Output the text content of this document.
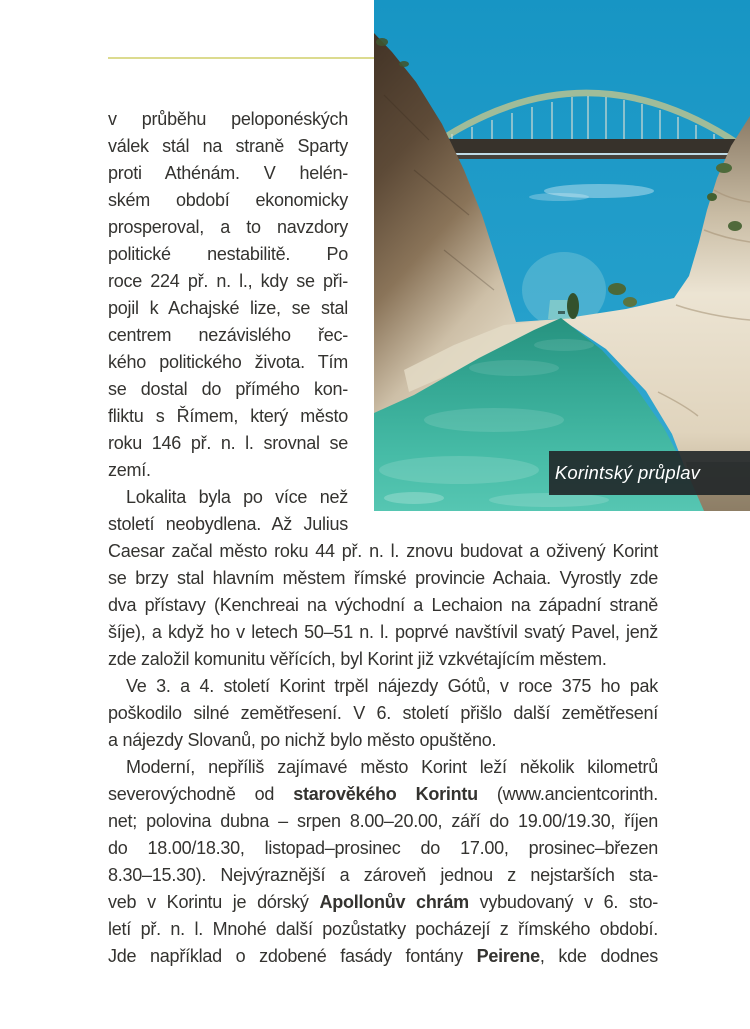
Korintský průplav
v průběhu peloponéských
válek stál na straně Sparty
proti Athénám. V helén-
ském období ekonomicky
prosperoval, a to navzdory
politické nestabilitě. Po
roce 224 př. n. l., kdy se při-
pojil k Achajské lize, se stal
centrem nezávislého řec-
kého politického života. Tím
se dostal do přímého kon-
fliktu s Římem, který město
roku 146 př. n. l. srovnal se
zemí.
Lokalita byla po více než
století neobydlena. Až Julius
Caesar začal město roku 44 př. n. l. znovu budovat a oživený Korint
se brzy stal hlavním městem římské provincie Achaia. Vyrostly zde
dva přístavy (Kenchreai na východní a Lechaion na západní straně
šíje), a když ho v letech 50–51 n. l. poprvé navštívil svatý Pavel, jenž
zde založil komunitu věřících, byl Korint již vzkvétajícím městem.
Ve 3. a 4. století Korint trpěl nájezdy Gótů, v roce 375 ho pak
poškodilo silné zemětřesení. V 6. století přišlo další zemětřesení
a nájezdy Slovanů, po nichž bylo město opuštěno.
Moderní, nepříliš zajímavé město Korint leží několik kilometrů
severovýchodně od starověkého Korintu (www.ancientcorinth.
net; polovina dubna – srpen 8.00–20.00, září do 19.00/19.30, říjen
do 18.00/18.30, listopad–prosinec do 17.00, prosinec–březen
8.30–15.30). Nejvýraznější a zároveň jednou z nejstarších sta-
veb v Korintu je dórský Apollonův chrám vybudovaný v 6. sto-
letí př. n. l. Mnohé další pozůstatky pocházejí z římského období.
Jde například o zdobené fasády fontány Peirene, kde dodnes
